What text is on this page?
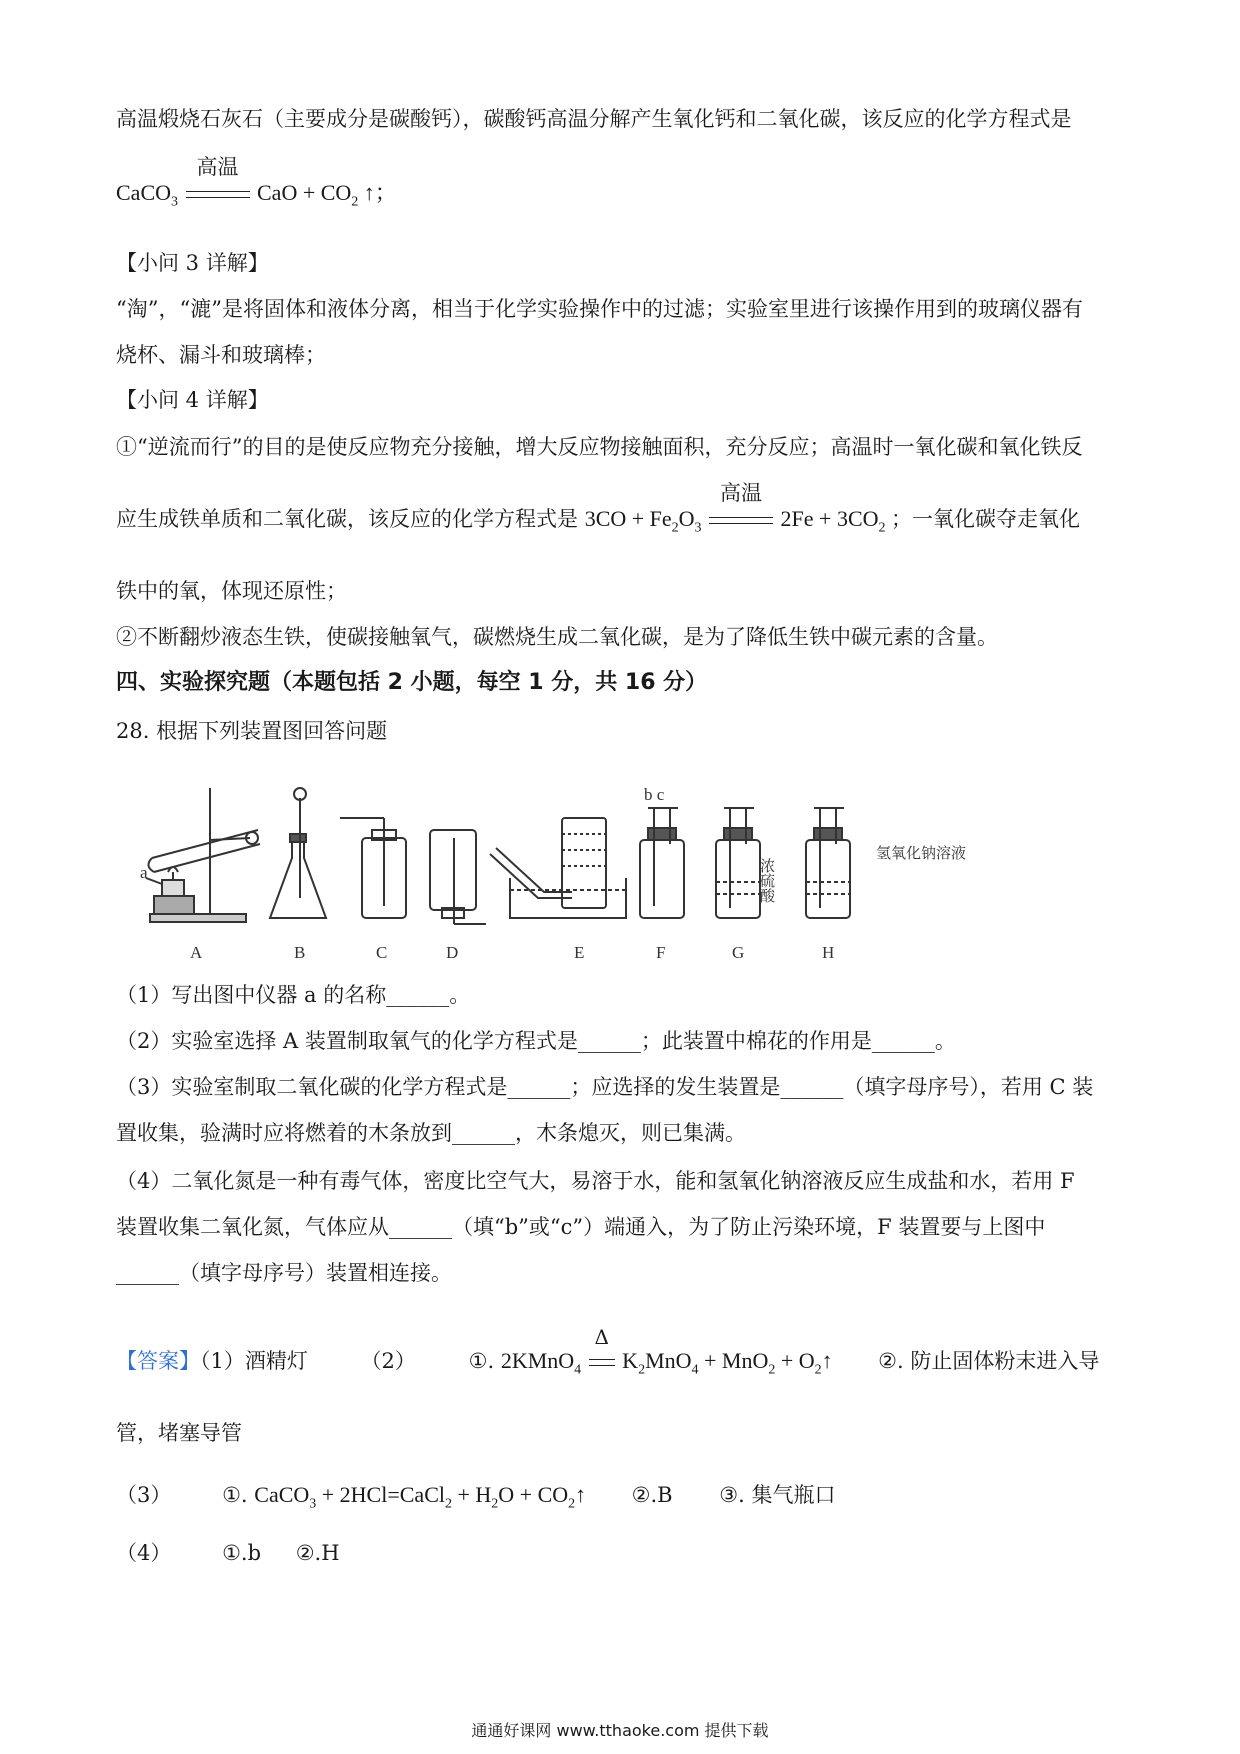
高温煅烧石灰石（主要成分是碳酸钙），碳酸钙高温分解产生氧化钙和二氧化碳，该反应的化学方程式是
CaCO$_3$
高温
CaO + $CO_2$ ↑；
【小问 3 详解】
“淘”，“漉”是将固体和液体分离，相当于化学实验操作中的过滤；实验室里进行该操作用到的玻璃仪器有
烧杯、漏斗和玻璃棒；
【小问 4 详解】
①“逆流而行”的目的是使反应物充分接触，增大反应物接触面积，充分反应；高温时一氧化碳和氧化铁反
应生成铁单质和二氧化碳，该反应的化学方程式是 $3CO + Fe_2O_3$
高温
$2Fe + 3CO_2$ ；一氧化碳夺走氧化
铁中的氧，体现还原性；
②不断翻炒液态生铁，使碳接触氧气，碳燃烧生成二氧化碳，是为了降低生铁中碳元素的含量。
四、实验探究题（本题包括 2 小题，每空 1 分，共 16 分）
28. 根据下列装置图回答问题
a
b c
A	B	C	D	E	F	G	H
浓硫酸
氢氧化钠溶液
（1）写出图中仪器 a 的名称______。
（2）实验室选择 A 装置制取氧气的化学方程式是______；此装置中棉花的作用是______。
（3）实验室制取二氧化碳的化学方程式是______；应选择的发生装置是______（填字母序号），若用 C 装
置收集，验满时应将燃着的木条放到______，木条熄灭，则已集满。
（4）二氧化氮是一种有毒气体，密度比空气大，易溶于水，能和氢氧化钠溶液反应生成盐和水，若用 F
装置收集二氧化氮，气体应从______（填“b”或“c”）端通入，为了防止污染环境，F 装置要与上图中
______（填字母序号）装置相连接。
【答案】（1）酒精灯	（2）	①. 2KMnO$_4$
Δ
$K_2MnO_4 + MnO_2$ + $O_2↑$ ②. 防止固体粉末进入导
管，堵塞导管
（3） ①. CaCO$_3$ + 2HCl=CaCl$_2$ + $H_2O$ + $CO_2↑$ ②.B ③. 集气瓶口
（4） ①.b ②.H
通通好课网 www.tthaoke.com 提供下载
